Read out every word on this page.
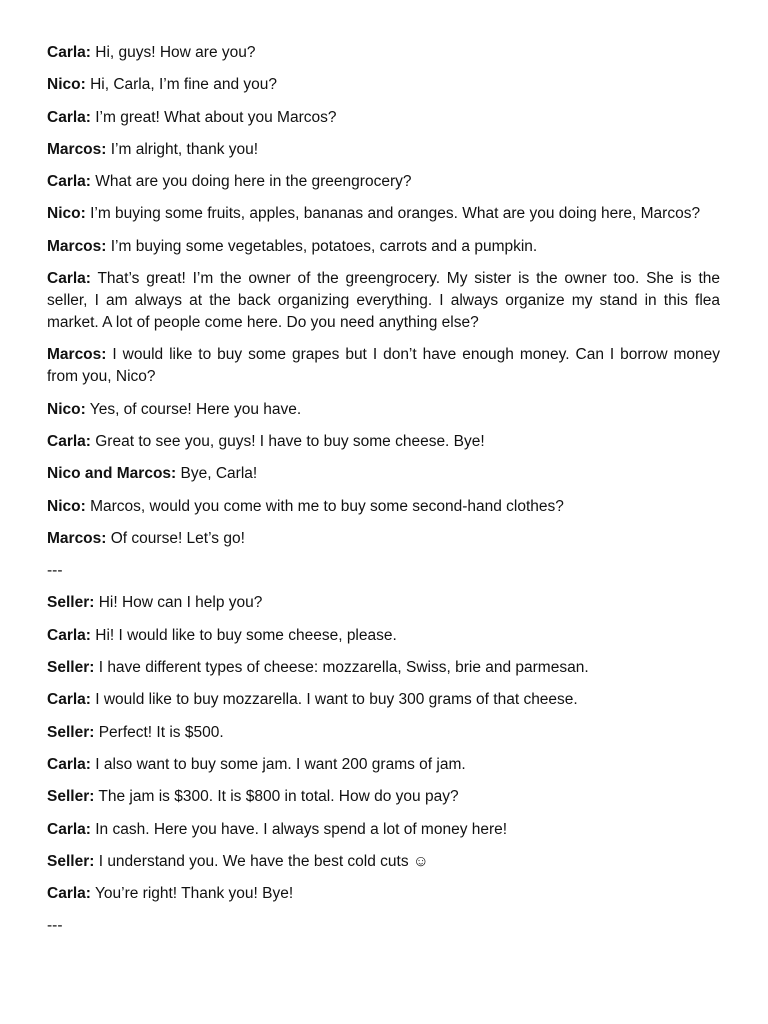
Carla: Hi, guys! How are you?

Nico: Hi, Carla, I’m fine and you?

Carla: I’m great! What about you Marcos?

Marcos: I’m alright, thank you!

Carla: What are you doing here in the greengrocery?

Nico: I’m buying some fruits, apples, bananas and oranges. What are you doing here, Marcos?

Marcos: I’m buying some vegetables, potatoes, carrots and a pumpkin.

Carla: That’s great! I’m the owner of the greengrocery. My sister is the owner too. She is the seller, I am always at the back organizing everything. I always organize my stand in this flea market. A lot of people come here. Do you need anything else?

Marcos: I would like to buy some grapes but I don’t have enough money. Can I borrow money from you, Nico?

Nico: Yes, of course! Here you have.

Carla: Great to see you, guys! I have to buy some cheese. Bye!

Nico and Marcos: Bye, Carla!

Nico: Marcos, would you come with me to buy some second-hand clothes?

Marcos: Of course! Let’s go!

---

Seller: Hi! How can I help you?

Carla: Hi! I would like to buy some cheese, please.

Seller: I have different types of cheese: mozzarella, Swiss, brie and parmesan.

Carla: I would like to buy mozzarella. I want to buy 300 grams of that cheese.

Seller: Perfect! It is $500.

Carla: I also want to buy some jam. I want 200 grams of jam.

Seller: The jam is $300. It is $800 in total. How do you pay?

Carla: In cash. Here you have. I always spend a lot of money here!

Seller: I understand you. We have the best cold cuts ☺

Carla: You’re right! Thank you! Bye!

---
